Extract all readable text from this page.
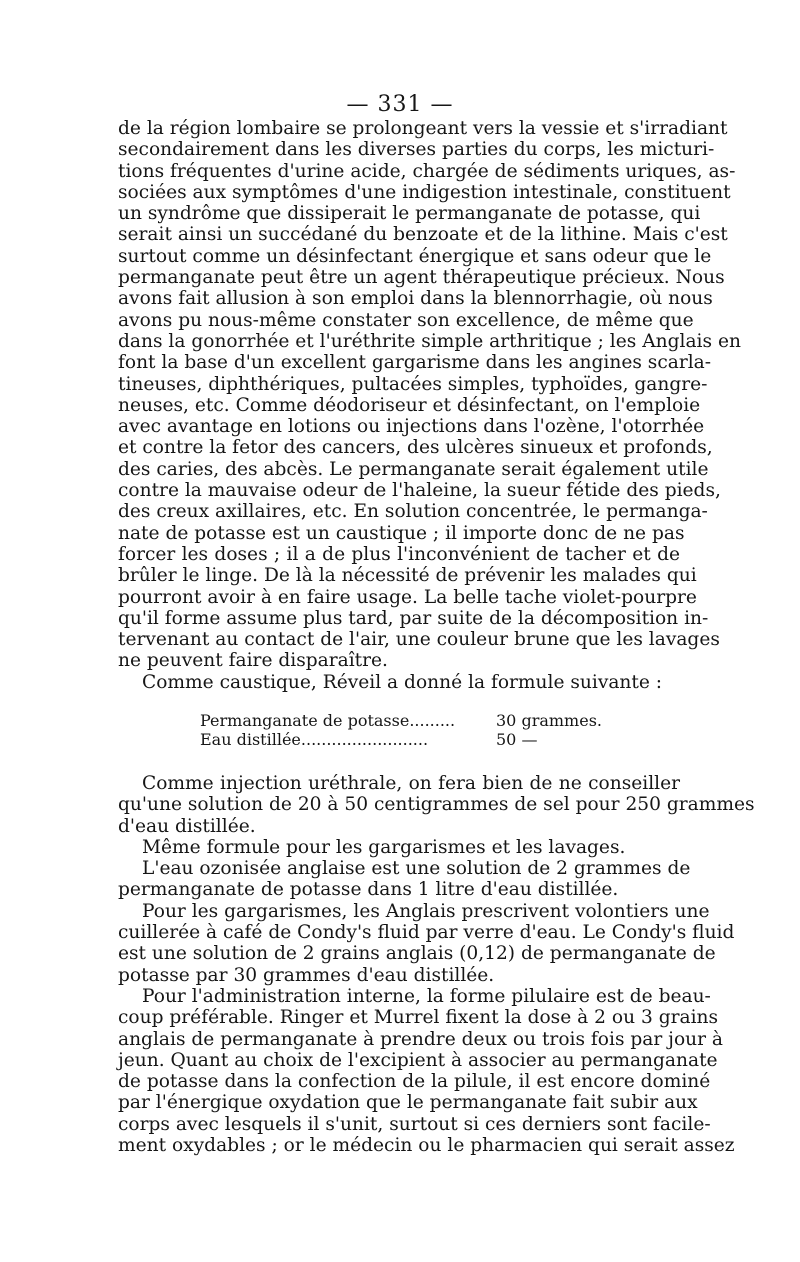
— 331 —
de la région lombaire se prolongeant vers la vessie et s'irradiant
secondairement dans les diverses parties du corps, les micturi-
tions fréquentes d'urine acide, chargée de sédiments uriques, as-
sociées aux symptômes d'une indigestion intestinale, constituent
un syndrôme que dissiperait le permanganate de potasse, qui
serait ainsi un succédané du benzoate et de la lithine. Mais c'est
surtout comme un désinfectant énergique et sans odeur que le
permanganate peut être un agent thérapeutique précieux. Nous
avons fait allusion à son emploi dans la blennorrhagie, où nous
avons pu nous-même constater son excellence, de même que
dans la gonorrhée et l'uréthrite simple arthritique ; les Anglais en
font la base d'un excellent gargarisme dans les angines scarla-
tineuses, diphthériques, pultacées simples, typhoïdes, gangre-
neuses, etc. Comme déodoriseur et désinfectant, on l'emploie
avec avantage en lotions ou injections dans l'ozène, l'otorrhée
et contre la fetor des cancers, des ulcères sinueux et profonds,
des caries, des abcès. Le permanganate serait également utile
contre la mauvaise odeur de l'haleine, la sueur fétide des pieds,
des creux axillaires, etc. En solution concentrée, le permanga-
nate de potasse est un caustique ; il importe donc de ne pas
forcer les doses ; il a de plus l'inconvénient de tacher et de
brûler le linge. De là la nécessité de prévenir les malades qui
pourront avoir à en faire usage. La belle tache violet-pourpre
qu'il forme assume plus tard, par suite de la décomposition in-
tervenant au contact de l'air, une couleur brune que les lavages
ne peuvent faire disparaître.
Comme caustique, Réveil a donné la formule suivante :
Permanganate de potasse.........	30 grammes.
Eau distillée.........................	50 —
Comme injection uréthrale, on fera bien de ne conseiller
qu'une solution de 20 à 50 centigrammes de sel pour 250 grammes
d'eau distillée.
Même formule pour les gargarismes et les lavages.
L'eau ozonisée anglaise est une solution de 2 grammes de
permanganate de potasse dans 1 litre d'eau distillée.
Pour les gargarismes, les Anglais prescrivent volontiers une
cuillerée à café de Condy's fluid par verre d'eau. Le Condy's fluid
est une solution de 2 grains anglais (0,12) de permanganate de
potasse par 30 grammes d'eau distillée.
Pour l'administration interne, la forme pilulaire est de beau-
coup préférable. Ringer et Murrel fixent la dose à 2 ou 3 grains
anglais de permanganate à prendre deux ou trois fois par jour à
jeun. Quant au choix de l'excipient à associer au permanganate
de potasse dans la confection de la pilule, il est encore dominé
par l'énergique oxydation que le permanganate fait subir aux
corps avec lesquels il s'unit, surtout si ces derniers sont facile-
ment oxydables ; or le médecin ou le pharmacien qui serait assez
